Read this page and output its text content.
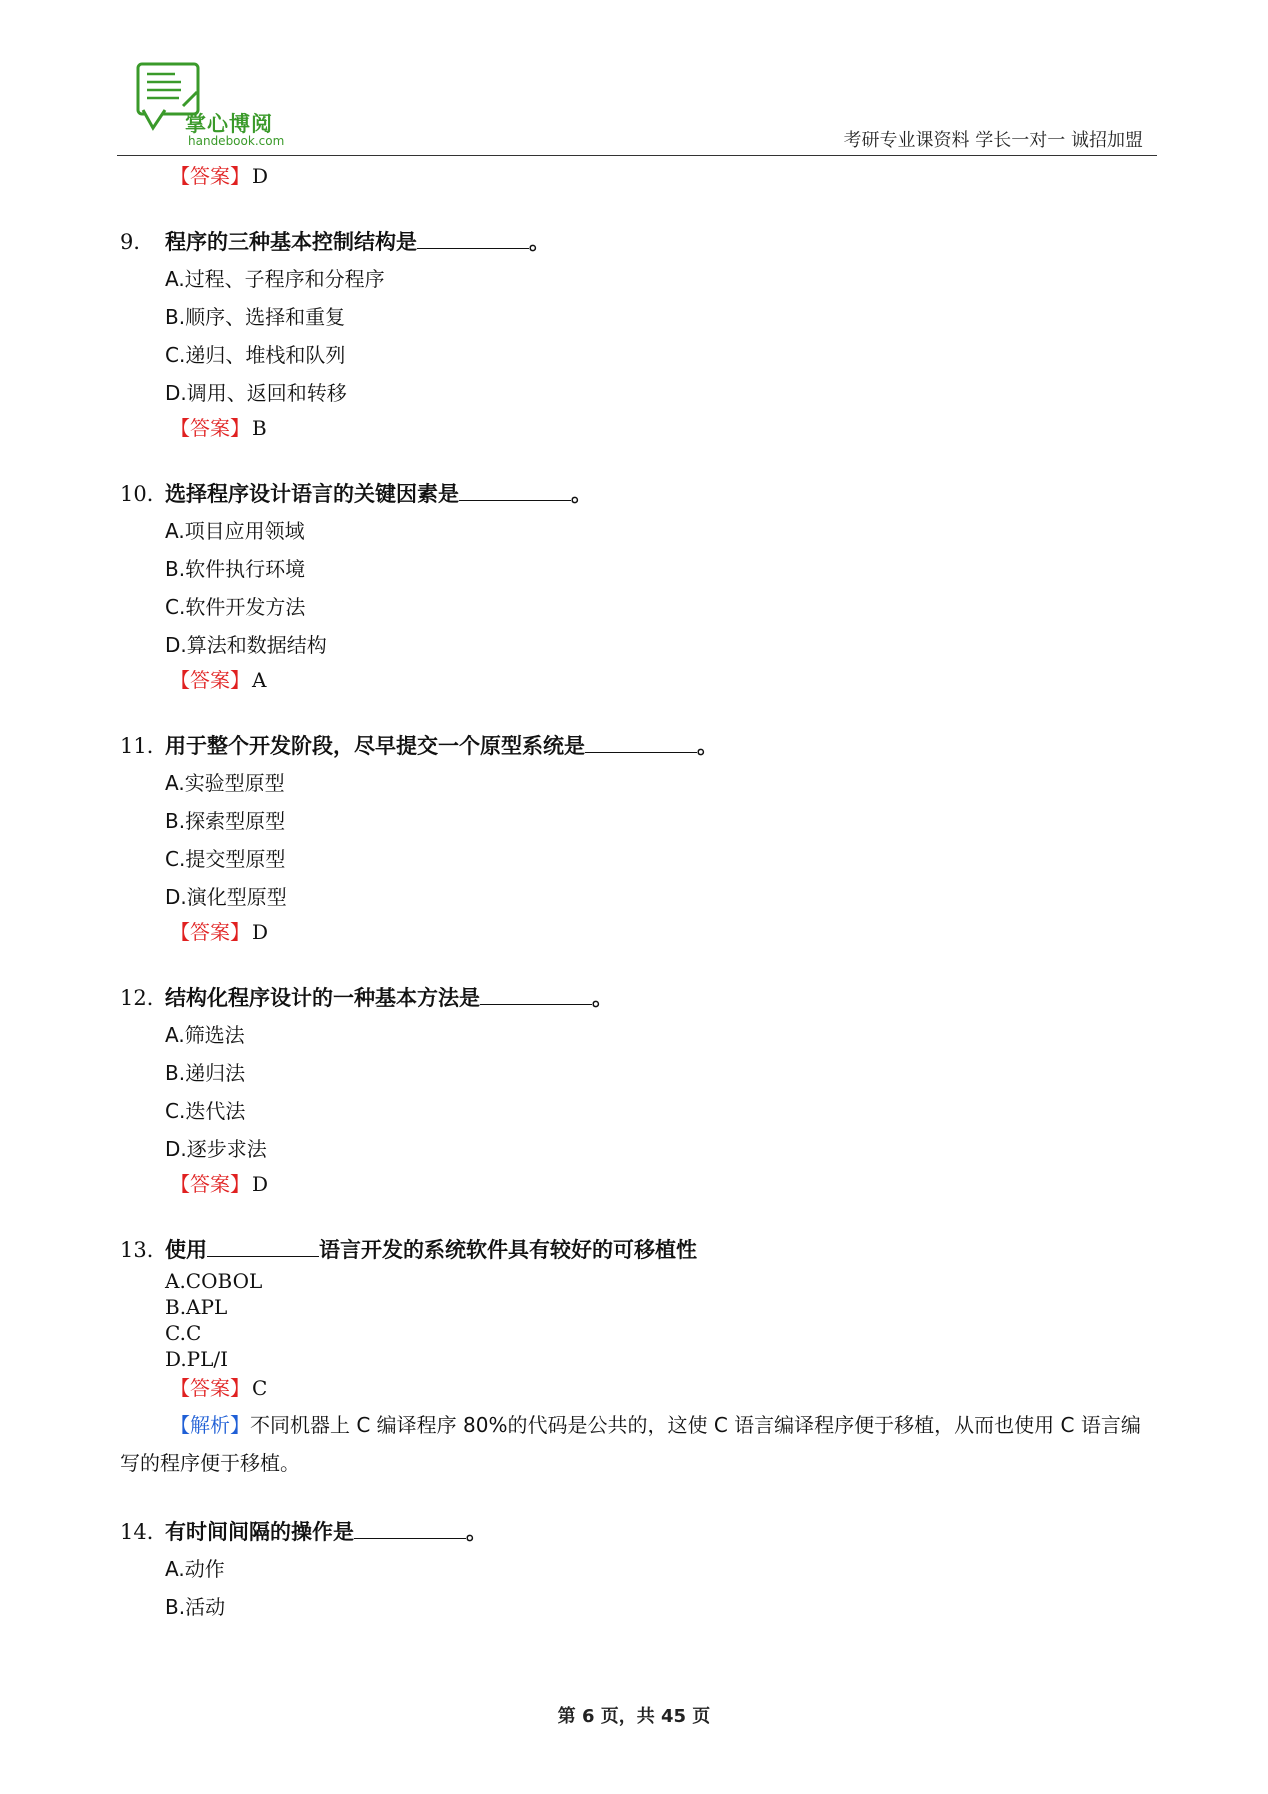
掌心博阅
handebook.com	考研专业课资料 学长一对一 诚招加盟
【答案】 D
9． 程序的三种基本控制结构是	。
A.过程、子程序和分程序
B.顺序、选择和重复
C.递归、堆栈和队列
D.调用、返回和转移
【答案】 B
10．选择程序设计语言的关键因素是	。
A.项目应用领域
B.软件执行环境
C.软件开发方法
D.算法和数据结构
【答案】 A
11．用于整个开发阶段，尽早提交一个原型系统是	。
A.实验型原型
B.探索型原型
C.提交型原型
D.演化型原型
【答案】 D
12．结构化程序设计的一种基本方法是	。
A.筛选法
B.递归法
C.迭代法
D.逐步求法
【答案】 D
13．使用	语言开发的系统软件具有较好的可移植性
A.COBOL
B.APL
C.C
D.PL/I
【答案】 C
【解析】不同机器上 C 编译程序 80%的代码是公共的，这使 C 语言编译程序便于移植，从而也使用 C 语言编写的程序便于移植。
14．有时间间隔的操作是	。
A.动作
B.活动
第 6 页，共 45 页
